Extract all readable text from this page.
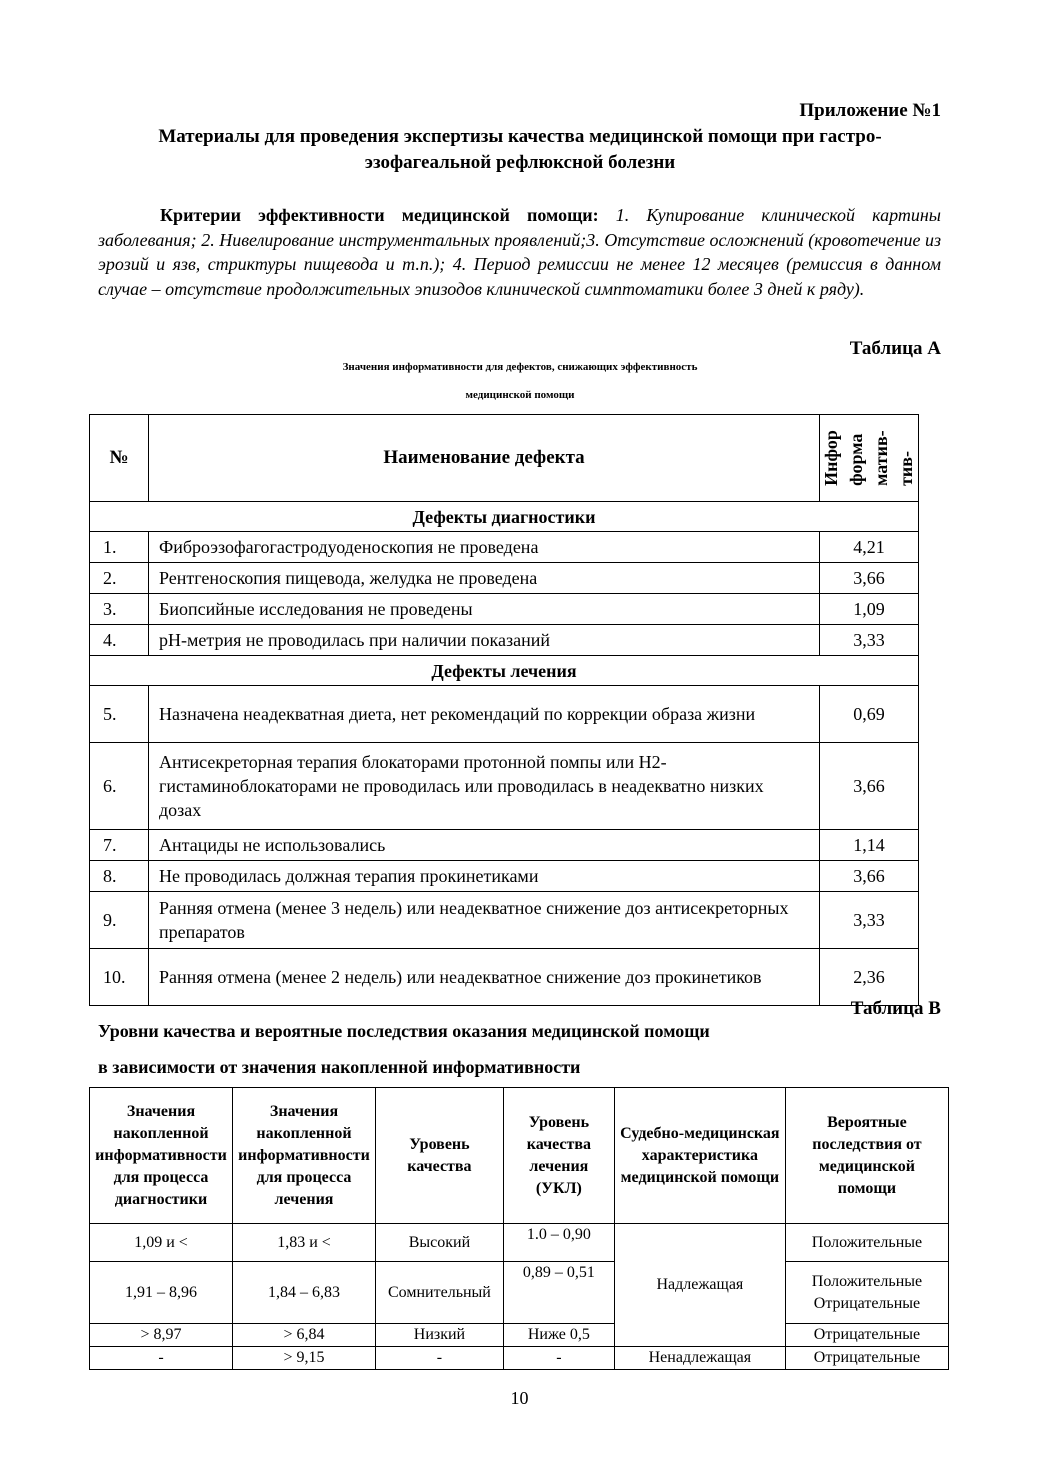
Приложение №1
Материалы для проведения экспертизы качества медицинской помощи при гастро-
эзофагеальной рефлюксной болезни
Критерии эффективности медицинской помощи: 1. Купирование клинической картины заболевания; 2. Нивелирование инструментальных проявлений;3. Отсутствие осложнений (кровотечение из эрозий и язв, стриктуры пищевода и т.п.); 4. Период ремиссии не менее 12 месяцев (ремиссия в данном случае – отсутствие продолжительных эпизодов клинической симптоматики более 3 дней к ряду).
Таблица А
Значения информативности для дефектов, снижающих эффективность
медицинской помощи
№	Наименование дефекта	Инфор форма матив- тив-

Дефекты диагностики		
1.	Фиброэзофагогастродуоденоскопия не проведена	4,21
2.	Рентгеноскопия пищевода, желудка не проведена	3,66
3.	Биопсийные исследования не проведены	1,09
4.	рН-метрия не проводилась при наличии показаний	3,33
Дефекты лечения		
5.	Назначена неадекватная диета, нет рекомендаций по коррекции образа жизни	0,69
6.	Антисекреторная терапия блокаторами протонной помпы или Н2-гистаминоблокаторами не проводилась или проводилась в неадекватно низких дозах	3,66
7.	Антациды не использовались	1,14
8.	Не проводилась должная терапия прокинетиками	3,66
9.	Ранняя отмена (менее 3 недель) или неадекватное снижение доз антисекреторных препаратов	3,33
10.	Ранняя отмена (менее 2 недель) или неадекватное снижение доз прокинетиков	2,36
Таблица В
Уровни качества и вероятные последствия оказания медицинской помощи
в зависимости от значения накопленной информативности
Значения накопленной информативности для процесса диагностики	Значения накопленной информативности для процесса лечения	Уровень качества	Уровень качества лечения (УКЛ)	Судебно-медицинская характеристика медицинской помощи	Вероятные последствия от медицинской помощи
1,09 и <	1,83 и <	Высокий	1.0 – 0,90	Надлежащая	Положительные
1,91 – 8,96	1,84 – 6,83	Сомнительный	0,89 – 0,51		Положительные Отрицательные
> 8,97	> 6,84	Низкий	Ниже 0,5		Отрицательные
-	> 9,15	-	-	Ненадлежащая	Отрицательные
10
